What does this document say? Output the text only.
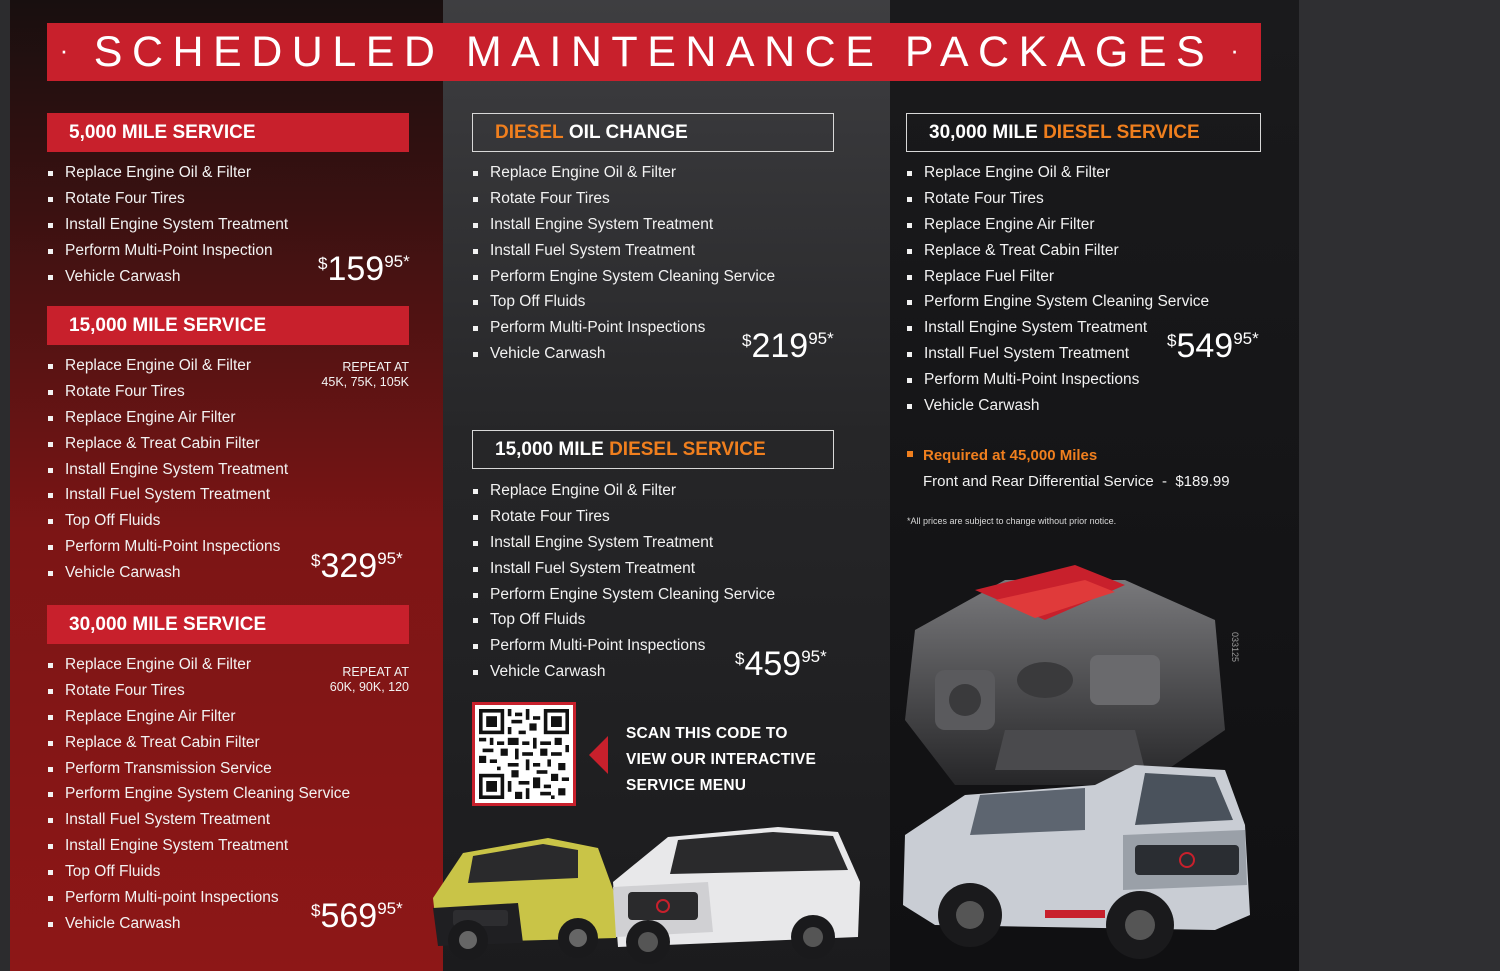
· SCHEDULED MAINTENANCE PACKAGES ·
5,000 MILE SERVICE
Replace Engine Oil & Filter
Rotate Four Tires
Install Engine System Treatment
Perform Multi-Point Inspection
Vehicle Carwash
$15995*
15,000 MILE SERVICE
REPEAT AT
45K, 75K, 105K
Replace Engine Oil & Filter
Rotate Four Tires
Replace Engine Air Filter
Replace & Treat Cabin Filter
Install Engine System Treatment
Install Fuel System Treatment
Top Off Fluids
Perform Multi-Point Inspections
Vehicle Carwash
$32995*
30,000 MILE SERVICE
REPEAT AT
60K, 90K, 120
Replace Engine Oil & Filter
Rotate Four Tires
Replace Engine Air Filter
Replace & Treat Cabin Filter
Perform Transmission Service
Perform Engine System Cleaning Service
Install Fuel System Treatment
Install Engine System Treatment
Top Off Fluids
Perform Multi-point Inspections
Vehicle Carwash
$56995*
DIESEL OIL CHANGE
Replace Engine Oil & Filter
Rotate Four Tires
Install Engine System Treatment
Install Fuel System Treatment
Perform Engine System Cleaning Service
Top Off Fluids
Perform Multi-Point Inspections
Vehicle Carwash
$21995*
15,000 MILE DIESEL SERVICE
Replace Engine Oil & Filter
Rotate Four Tires
Install Engine System Treatment
Install Fuel System Treatment
Perform Engine System Cleaning Service
Top Off Fluids
Perform Multi-Point Inspections
Vehicle Carwash
$45995*
SCAN THIS CODE TO
VIEW OUR INTERACTIVE
SERVICE MENU
30,000 MILE DIESEL SERVICE
Replace Engine Oil & Filter
Rotate Four Tires
Replace Engine Air Filter
Replace & Treat Cabin Filter
Replace Fuel Filter
Perform Engine System Cleaning Service
Install Engine System Treatment
Install Fuel System Treatment
Perform Multi-Point Inspections
Vehicle Carwash
$54995*
Required at 45,000 Miles
Front and Rear Differential Service  -  $189.99
*All prices are subject to change without prior notice.
033125
